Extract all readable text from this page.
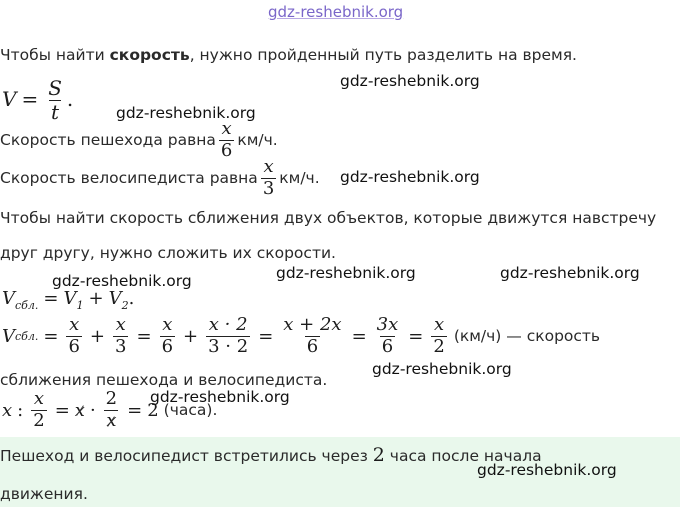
gdz-reshebnik.org
Чтобы найти скорость, нужно пройденный путь разделить на время.
$V = \frac{S}{t}$ .
gdz-reshebnik.org
gdz-reshebnik.org
Скорость пешехода равна $\frac{x}{6} км/ч$.
Скорость велосипедиста равна $\frac{x}{3} км/ч$. gdz-reshebnik.org
Чтобы найти скорость сближения двух объектов, которые движутся навстречу
друг другу, нужно сложить их скорости.
gdz-reshebnik.org	gdz-reshebnik.org	gdz-reshebnik.org
$V_{сбл.} = V_1 + V_2$.
V сбл. = $\frac{x}{6} + \frac{x}{3} = \frac{x}{6} + \frac{x \cdot 2}{3 \cdot 2} = \frac{x + 2x}{6} = \frac{3x}{6} = \frac{x}{2} (км/ч)$ — скорость
сближения пешехода и велосипедиста.
gdz-reshebnik.org
gdz-reshebnik.org
x : $\frac{x}{2} = x \cdot \frac{2}{x} = 2$ (часа).
Пешеход и велосипедист встретились через 2 часа после начала
gdz-reshebnik.org
движения.
